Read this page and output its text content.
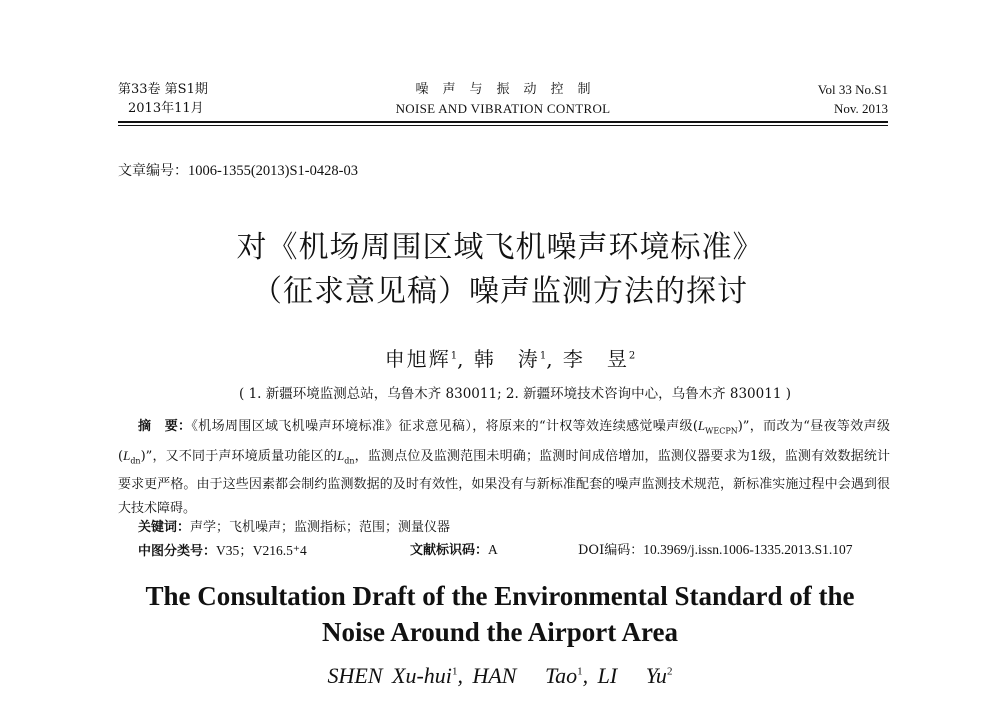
第33卷 第S1期
2013年11月
噪声与振动控制
NOISE AND VIBRATION CONTROL
Vol 33 No.S1
Nov. 2013
文章编号：1006-1355(2013)S1-0428-03
对《机场周围区域飞机噪声环境标准》
（征求意见稿）噪声监测方法的探讨
申旭辉$^1$, 韩　涛$^1$, 李　昱$^2$
( 1. 新疆环境监测总站，乌鲁木齐 830011; 2. 新疆环境技术咨询中心，乌鲁木齐 830011 )
摘　要：《机场周围区域飞机噪声环境标准》征求意见稿），将原来的“计权等效连续感觉噪声级$(L_{WECPN})$”，而改为“昼夜等效声级$(L_{dn})$”，又不同于声环境质量功能区的$L_{dn}$，监测点位及监测范围未明确；监测时间成倍增加，监测仪器要求为1级，监测有效数据统计要求更严格。由于这些因素都会制约监测数据的及时有效性，如果没有与新标准配套的噪声监测技术规范，新标准实施过程中会遇到很大技术障碍。
关键词：声学；飞机噪声；监测指标；范围；测量仪器
中图分类号：V35；V216.5⁺4	文献标识码：A	DOI编码：10.3969/j.issn.1006-1335.2013.S1.107
The Consultation Draft of the Environmental Standard of the
Noise Around the Airport Area
SHEN Xu-hui$^1$, HAN   Tao$^1$, LI   Yu$^2$
